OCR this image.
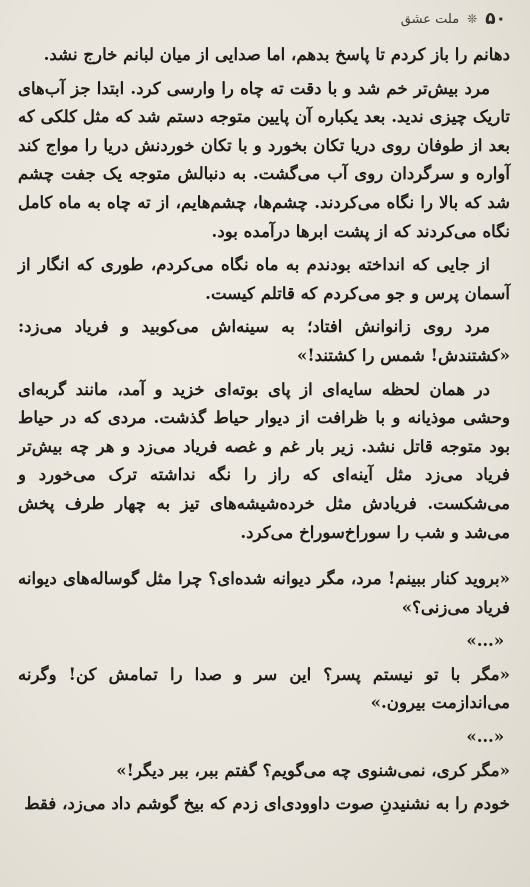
۵۰
❊
ملت عشق

دهانم را باز کردم تا پاسخ بدهم، اما صدایی از میان لبانم خارج نشد.

مرد بیش‌تر خم شد و با دقت ته چاه را وارسی کرد. ابتدا جز آب‌های تاریک چیزی ندید. بعد یکباره آن پایین متوجه دستم شد که مثل کلکی که بعد از طوفان روی دریا تکان بخورد و با تکان خوردنش دریا را مواج کند آواره و سرگردان روی آب می‌گشت. به دنبالش متوجه یک جفت چشم شد که بالا را نگاه می‌کردند. چشم‌ها، چشم‌هایم، از ته چاه به ماه کامل نگاه می‌کردند که از پشت ابرها درآمده بود.

از جایی که انداخته بودندم به ماه نگاه می‌کردم، طوری که انگار از آسمان پرس و جو می‌کردم که قاتلم کیست.

مرد روی زانوانش افتاد؛ به سینه‌اش می‌کوبید و فریاد می‌زد: «کشتندش! شمس را کشتند!»

در همان لحظه سایه‌ای از پای بوته‌ای خزید و آمد، مانند گربه‌ای وحشی موذیانه و با ظرافت از دیوار حیاط گذشت. مردی که در حیاط بود متوجه قاتل نشد. زیر بار غم و غصه فریاد می‌زد و هر چه بیش‌تر فریاد می‌زد مثل آینه‌ای که راز را نگه نداشته ترک می‌خورد و می‌شکست. فریادش مثل خرده‌شیشه‌های تیز به چهار طرف پخش می‌شد و شب را سوراخ‌سوراخ می‌کرد.

«برويد كنار ببينم! مرد، مگر ديوانه شده‌ای؟ چرا مثل گوساله‌های دیوانه فریاد می‌زنی؟»

«...»

«مگر با تو نیستم پسر؟ این سر و صدا را تمامش کن! وگرنه می‌اندازمت بیرون.»

«...»

«مگر کری، نمی‌شنوی چه می‌گویم؟ گفتم ببر، ببر دیگر!»

خودم را به نشنیدنِ صوت داوودی‌ای زدم که بیخ گوشم داد می‌زد، فقط
